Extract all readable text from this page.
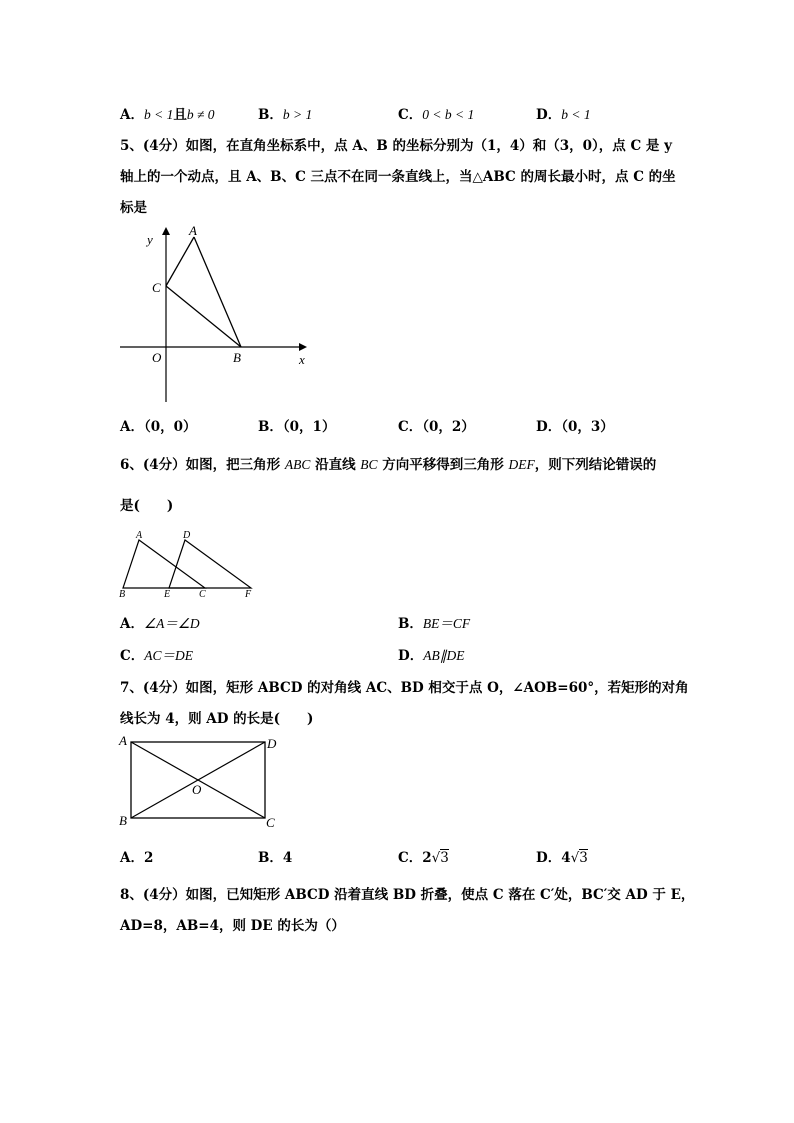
A．b < 1且b ≠ 0	B．b > 1	C．0 < b < 1	D．b < 1
5、(4分）如图，在直角坐标系中，点 A、B 的坐标分别为（1，4）和（3，0），点 C 是 y
轴上的一个动点，且 A、B、C 三点不在同一条直线上，当△ABC 的周长最小时，点 C 的坐
标是
y
A
C
O	B	x
A．（0，0）	B．（0，1）	C．（0，2）	D．（0，3）
6、(4分）如图，把三角形 ABC 沿直线 BC 方向平移得到三角形 DEF，则下列结论错误的
是(　　)
A	D
B	E	C	F
A．∠A＝∠D	B．BE＝CF
C．AC＝DE	D．AB∥DE
7、(4分）如图，矩形 ABCD 的对角线 AC、BD 相交于点 O，∠AOB=60°，若矩形的对角
线长为 4，则 AD 的长是(　　)
A	D
O
B	C
A．2	B．4	C．2√3	D．4√3
8、(4分）如图，已知矩形 ABCD 沿着直线 BD 折叠，使点 C 落在 C′处，BC′交 AD 于 E，
AD=8，AB=4，则 DE 的长为（）
